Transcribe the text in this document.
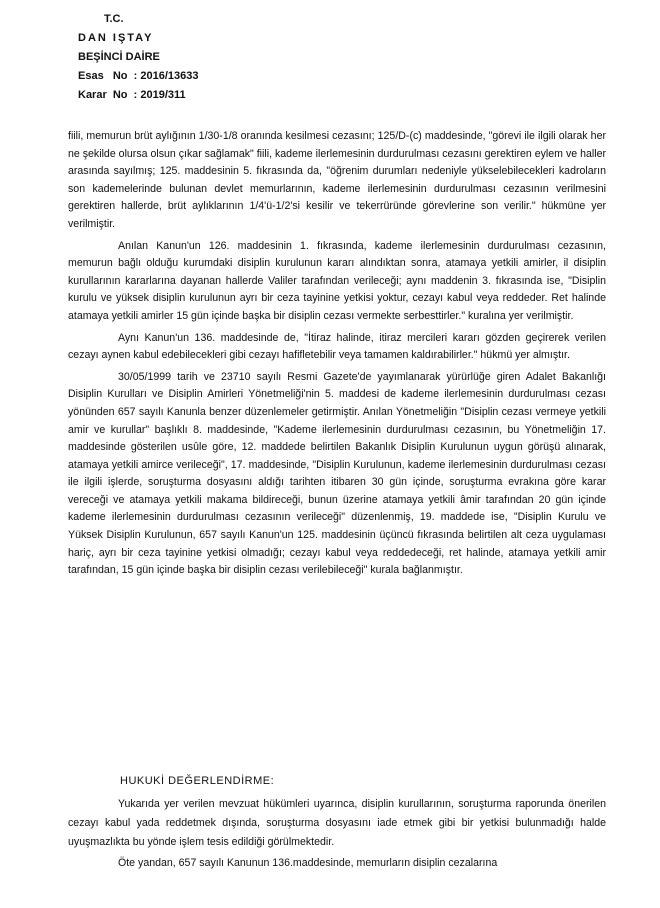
T.C.
DAN IŞTAY
BEŞİNCİ DAİRE
Esas   No  : 2016/13633
Karar  No  : 2019/311

fiili, memurun brüt aylığının 1/30-1/8 oranında kesilmesi cezasını; 125/D-(c) maddesinde, "görevi ile ilgili olarak her ne şekilde olursa olsun çıkar sağlamak" fiili, kademe ilerlemesinin durdurulması cezasını gerektiren eylem ve haller arasında sayılmış; 125. maddesinin 5. fıkrasında da, "öğrenim durumları nedeniyle yükselebilecekleri kadroların son kademelerinde bulunan devlet memurlarının, kademe ilerlemesinin durdurulması cezasının verilmesini gerektiren hallerde, brüt aylıklarının 1/4'ü-1/2'si kesilir ve tekerrüründe görevlerine son verilir." hükmüne yer verilmiştir.

Anılan Kanun'un 126. maddesinin 1. fıkrasında, kademe ilerlemesinin durdurulması cezasının, memurun bağlı olduğu kurumdaki disiplin kurulunun kararı alındıktan sonra, atamaya yetkili amirler, il disiplin kurullarının kararlarına dayanan hallerde Valiler tarafından verileceği; aynı maddenin 3. fıkrasında ise, "Disiplin kurulu ve yüksek disiplin kurulunun ayrı bir ceza tayinine yetkisi yoktur, cezayı kabul veya reddeder. Ret halinde atamaya yetkili amirler 15 gün içinde başka bir disiplin cezası vermekte serbesttirler." kuralına yer verilmiştir.

Aynı Kanun'un 136. maddesinde de, "İtiraz halinde, itiraz mercileri kararı gözden geçirerek verilen cezayı aynen kabul edebilecekleri gibi cezayı hafifletebilir veya tamamen kaldırabilirler." hükmü yer almıştır.

30/05/1999 tarih ve 23710 sayılı Resmi Gazete'de yayımlanarak yürürlüğe giren Adalet Bakanlığı Disiplin Kurulları ve Disiplin Amirleri Yönetmeliği'nin 5. maddesi de kademe ilerlemesinin durdurulması cezası yönünden 657 sayılı Kanunla benzer düzenlemeler getirmiştir. Anılan Yönetmeliğin "Disiplin cezası vermeye yetkili amir ve kurullar" başlıklı 8. maddesinde, "Kademe ilerlemesinin durdurulması cezasının, bu Yönetmeliğin 17. maddesinde gösterilen usûle göre, 12. maddede belirtilen Bakanlık Disiplin Kurulunun uygun görüşü alınarak, atamaya yetkili amirce verileceği", 17. maddesinde, "Disiplin Kurulunun, kademe ilerlemesinin durdurulması cezası ile ilgili işlerde, soruşturma dosyasını aldığı tarihten itibaren 30 gün içinde, soruşturma evrakına göre karar vereceği ve atamaya yetkili makama bildireceği, bunun üzerine atamaya yetkili âmir tarafından 20 gün içinde kademe ilerlemesinin durdurulması cezasının verileceği" düzenlenmiş, 19. maddede ise, "Disiplin Kurulu ve Yüksek Disiplin Kurulunun, 657 sayılı Kanun'un 125. maddesinin üçüncü fıkrasında belirtilen alt ceza uygulaması hariç, ayrı bir ceza tayinine yetkisi olmadığı; cezayı kabul veya reddedeceği, ret halinde, atamaya yetkili amir tarafından, 15 gün içinde başka bir disiplin cezası verilebileceği" kurala bağlanmıştır.

HUKUKİ DEĞERLENDİRME:

Yukarıda yer verilen mevzuat hükümleri uyarınca, disiplin kurullarının, soruşturma raporunda önerilen cezayı kabul yada reddetmek dışında, soruşturma dosyasını iade etmek gibi bir yetkisi bulunmadığı halde uyuşmazlıkta bu yönde işlem tesis edildiği görülmektedir.

Öte yandan, 657 sayılı Kanunun 136.maddesinde, memurların disiplin cezalarına
